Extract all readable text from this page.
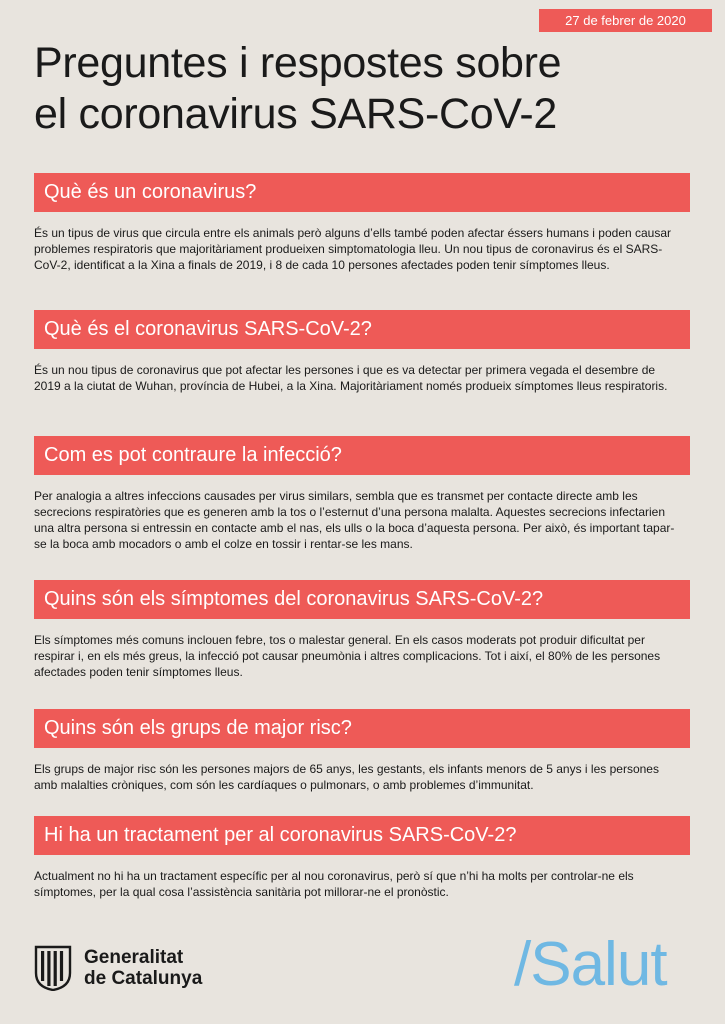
27 de febrer de 2020
Preguntes i respostes sobre
el coronavirus SARS-CoV-2
Què és un coronavirus?

És un tipus de virus que circula entre els animals però alguns d’ells també poden afectar éssers humans i poden causar problemes respiratoris que majoritàriament produeixen simptomatologia lleu. Un nou tipus de coronavirus és el SARS-CoV-2, identificat a la Xina a finals de 2019, i 8 de cada 10 persones afectades poden tenir símptomes lleus.

Què és el coronavirus SARS-CoV-2?

És un nou tipus de coronavirus que pot afectar les persones i que es va detectar per primera vegada el desembre de 2019 a la ciutat de Wuhan, província de Hubei, a la Xina. Majoritàriament només produeix símptomes lleus respiratoris.

Com es pot contraure la infecció?

Per analogia a altres infeccions causades per virus similars, sembla que es transmet per contacte directe amb les secrecions respiratòries que es generen amb la tos o l’esternut d’una persona malalta. Aquestes secrecions infectarien una altra persona si entressin en contacte amb el nas, els ulls o la boca d’aquesta persona. Per això, és important tapar-se la boca amb mocadors o amb el colze en tossir i rentar-se les mans.

Quins són els símptomes del coronavirus SARS-CoV-2?

Els símptomes més comuns inclouen febre, tos o malestar general. En els casos moderats pot produir dificultat per respirar i, en els més greus, la infecció pot causar pneumònia i altres complicacions. Tot i així, el 80% de les persones afectades poden tenir símptomes lleus.

Quins són els grups de major risc?

Els grups de major risc són les persones majors de 65 anys, les gestants, els infants menors de 5 anys i les persones amb malalties cròniques, com són les cardíaques o pulmonars, o amb problemes d’immunitat.

Hi ha un tractament per al coronavirus SARS-CoV-2?

Actualment no hi ha un tractament específic per al nou coronavirus, però sí que n’hi ha molts per controlar-ne els símptomes, per la qual cosa l’assistència sanitària pot millorar-ne el pronòstic.

Generalitat
de Catalunya	/Salut
